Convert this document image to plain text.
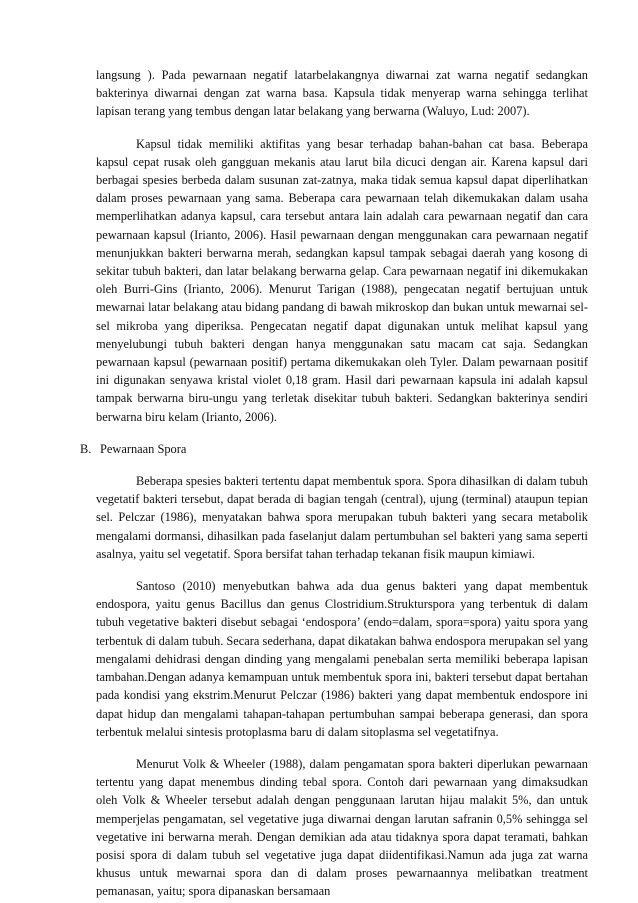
langsung ). Pada pewarnaan negatif latarbelakangnya diwarnai zat warna negatif sedangkan bakterinya diwarnai dengan zat warna basa. Kapsula tidak menyerap warna sehingga terlihat lapisan terang yang tembus dengan latar belakang yang berwarna (Waluyo, Lud: 2007).

Kapsul tidak memiliki aktifitas yang besar terhadap bahan-bahan cat basa. Beberapa kapsul cepat rusak oleh gangguan mekanis atau larut bila dicuci dengan air. Karena kapsul dari berbagai spesies berbeda dalam susunan zat-zatnya, maka tidak semua kapsul dapat diperlihatkan dalam proses pewarnaan yang sama. Beberapa cara pewarnaan telah dikemukakan dalam usaha memperlihatkan adanya kapsul, cara tersebut antara lain adalah cara pewarnaan negatif dan cara pewarnaan kapsul (Irianto, 2006). Hasil pewarnaan dengan menggunakan cara pewarnaan negatif menunjukkan bakteri berwarna merah, sedangkan kapsul tampak sebagai daerah yang kosong di sekitar tubuh bakteri, dan latar belakang berwarna gelap. Cara pewarnaan negatif ini dikemukakan oleh Burri-Gins (Irianto, 2006). Menurut Tarigan (1988), pengecatan negatif bertujuan untuk mewarnai latar belakang atau bidang pandang di bawah mikroskop dan bukan untuk mewarnai sel-sel mikroba yang diperiksa. Pengecatan negatif dapat digunakan untuk melihat kapsul yang menyelubungi tubuh bakteri dengan hanya menggunakan satu macam cat saja. Sedangkan pewarnaan kapsul (pewarnaan positif) pertama dikemukakan oleh Tyler. Dalam pewarnaan positif ini digunakan senyawa kristal violet 0,18 gram. Hasil dari pewarnaan kapsula ini adalah kapsul tampak berwarna biru-ungu yang terletak disekitar tubuh bakteri. Sedangkan bakterinya sendiri berwarna biru kelam (Irianto, 2006).

B. Pewarnaan Spora

Beberapa spesies bakteri tertentu dapat membentuk spora. Spora dihasilkan di dalam tubuh vegetatif bakteri tersebut, dapat berada di bagian tengah (central), ujung (terminal) ataupun tepian sel. Pelczar (1986), menyatakan bahwa spora merupakan tubuh bakteri yang secara metabolik mengalami dormansi, dihasilkan pada faselanjut dalam pertumbuhan sel bakteri yang sama seperti asalnya, yaitu sel vegetatif. Spora bersifat tahan terhadap tekanan fisik maupun kimiawi.

Santoso (2010) menyebutkan bahwa ada dua genus bakteri yang dapat membentuk endospora, yaitu genus Bacillus dan genus Clostridium.Strukturspora yang terbentuk di dalam tubuh vegetative bakteri disebut sebagai ‘endospora’ (endo=dalam, spora=spora) yaitu spora yang terbentuk di dalam tubuh. Secara sederhana, dapat dikatakan bahwa endospora merupakan sel yang mengalami dehidrasi dengan dinding yang mengalami penebalan serta memiliki beberapa lapisan tambahan.Dengan adanya kemampuan untuk membentuk spora ini, bakteri tersebut dapat bertahan pada kondisi yang ekstrim.Menurut Pelczar (1986) bakteri yang dapat membentuk endospore ini dapat hidup dan mengalami tahapan-tahapan pertumbuhan sampai beberapa generasi, dan spora terbentuk melalui sintesis protoplasma baru di dalam sitoplasma sel vegetatifnya.

Menurut Volk & Wheeler (1988), dalam pengamatan spora bakteri diperlukan pewarnaan tertentu yang dapat menembus dinding tebal spora. Contoh dari pewarnaan yang dimaksudkan oleh Volk & Wheeler tersebut adalah dengan penggunaan larutan hijau malakit 5%, dan untuk memperjelas pengamatan, sel vegetative juga diwarnai dengan larutan safranin 0,5% sehingga sel vegetative ini berwarna merah. Dengan demikian ada atau tidaknya spora dapat teramati, bahkan posisi spora di dalam tubuh sel vegetative juga dapat diidentifikasi.Namun ada juga zat warna khusus untuk mewarnai spora dan di dalam proses pewarnaannya melibatkan treatment pemanasan, yaitu; spora dipanaskan bersamaan
